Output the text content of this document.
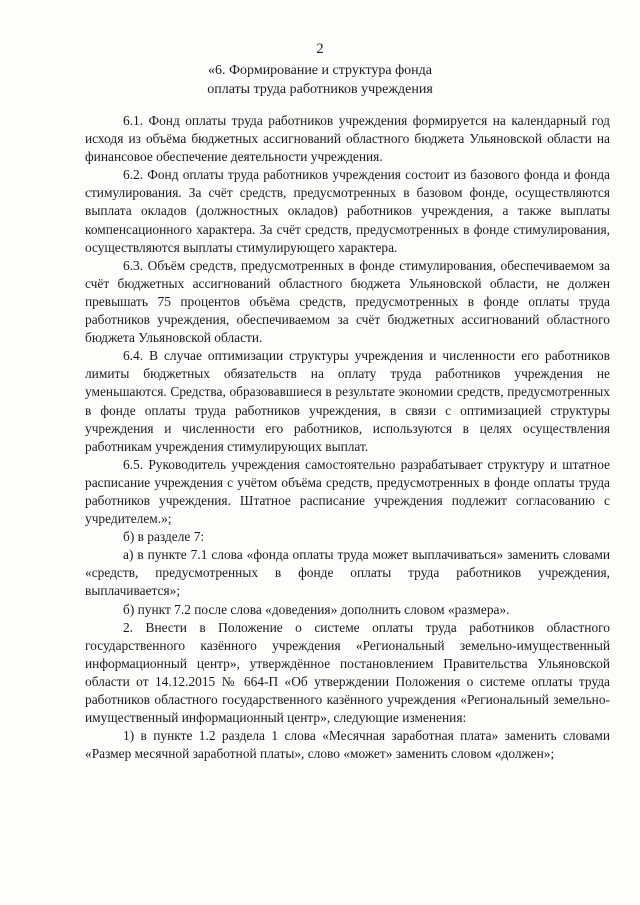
2
«6. Формирование и структура фонда
оплаты труда работников учреждения

6.1. Фонд оплаты труда работников учреждения формируется на календарный год исходя из объёма бюджетных ассигнований областного бюджета Ульяновской области на финансовое обеспечение деятельности учреждения.

6.2. Фонд оплаты труда работников учреждения состоит из базового фонда и фонда стимулирования. За счёт средств, предусмотренных в базовом фонде, осуществляются выплата окладов (должностных окладов) работников учреждения, а также выплаты компенсационного характера. За счёт средств, предусмотренных в фонде стимулирования, осуществляются выплаты стимулирующего характера.

6.3. Объём средств, предусмотренных в фонде стимулирования, обеспечиваемом за счёт бюджетных ассигнований областного бюджета Ульяновской области, не должен превышать 75 процентов объёма средств, предусмотренных в фонде оплаты труда работников учреждения, обеспечиваемом за счёт бюджетных ассигнований областного бюджета Ульяновской области.

6.4. В случае оптимизации структуры учреждения и численности его работников лимиты бюджетных обязательств на оплату труда работников учреждения не уменьшаются. Средства, образовавшиеся в результате экономии средств, предусмотренных в фонде оплаты труда работников учреждения, в связи с оптимизацией структуры учреждения и численности его работников, используются в целях осуществления работникам учреждения стимулирующих выплат.

6.5. Руководитель учреждения самостоятельно разрабатывает структуру и штатное расписание учреждения с учётом объёма средств, предусмотренных в фонде оплаты труда работников учреждения. Штатное расписание учреждения подлежит согласованию с учредителем.»;

б) в разделе 7:

а) в пункте 7.1 слова «фонда оплаты труда может выплачиваться» заменить словами «средств, предусмотренных в фонде оплаты труда работников учреждения, выплачивается»;

б) пункт 7.2 после слова «доведения» дополнить словом «размера».

2. Внести в Положение о системе оплаты труда работников областного государственного казённого учреждения «Региональный земельно-имущественный информационный центр», утверждённое постановлением Правительства Ульяновской области от 14.12.2015 № 664-П «Об утверждении Положения о системе оплаты труда работников областного государственного казённого учреждения «Региональный земельно-имущественный информационный центр», следующие изменения:

1) в пункте 1.2 раздела 1 слова «Месячная заработная плата» заменить словами «Размер месячной заработной платы», слово «может» заменить словом «должен»;
